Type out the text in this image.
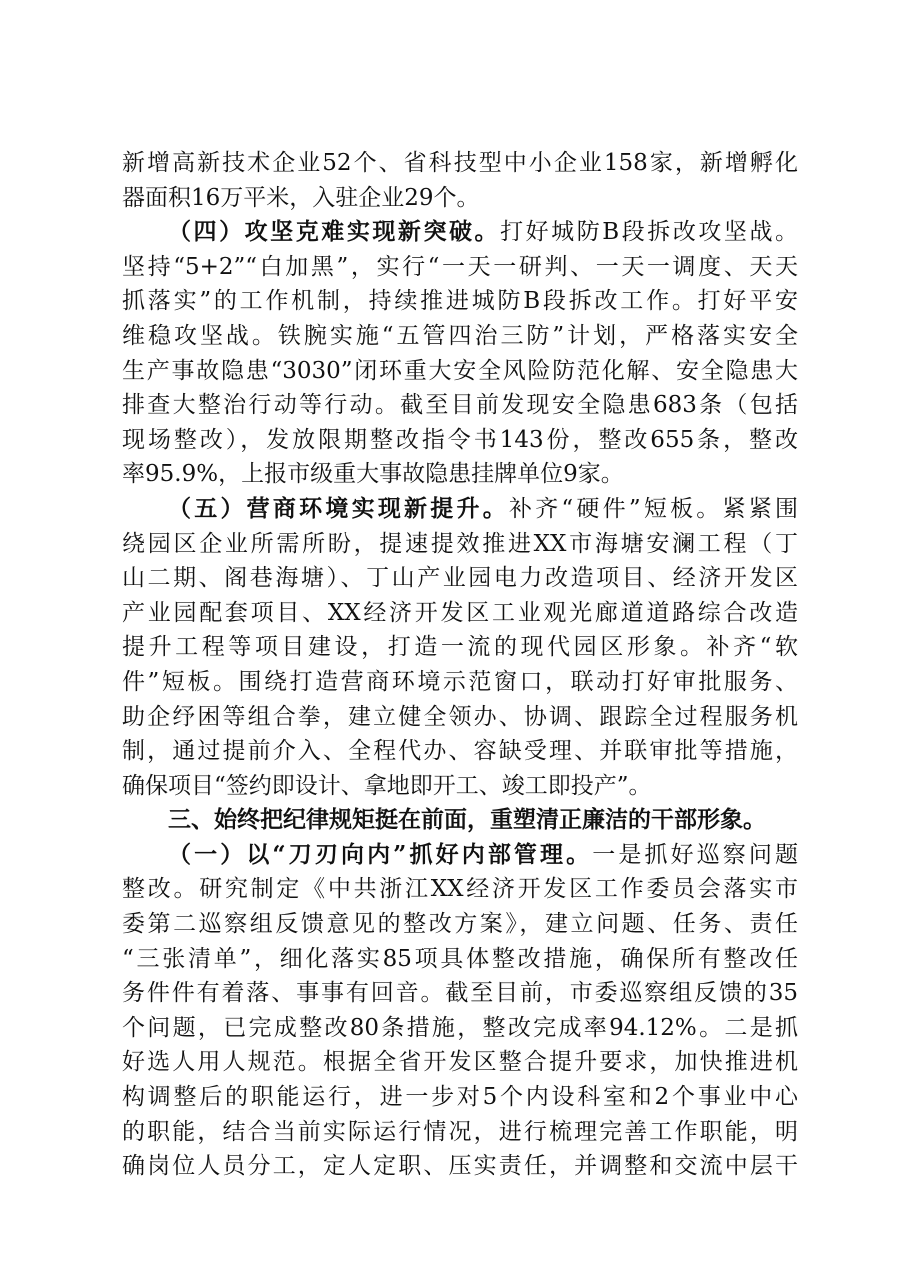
新增高新技术企业52个、省科技型中小企业158家，新增孵化
器面积16万平米，入驻企业29个。
（四）攻坚克难实现新突破。打好城防B段拆改攻坚战。
坚持“5+2”“白加黑”，实行“一天一研判、一天一调度、天天
抓落实”的工作机制，持续推进城防B段拆改工作。打好平安
维稳攻坚战。铁腕实施“五管四治三防”计划，严格落实安全
生产事故隐患“3030”闭环重大安全风险防范化解、安全隐患大
排查大整治行动等行动。截至目前发现安全隐患683条（包括
现场整改），发放限期整改指令书143份，整改655条，整改
率95.9%，上报市级重大事故隐患挂牌单位9家。
（五）营商环境实现新提升。补齐“硬件”短板。紧紧围
绕园区企业所需所盼，提速提效推进XX市海塘安澜工程（丁
山二期、阁巷海塘）、丁山产业园电力改造项目、经济开发区
产业园配套项目、XX经济开发区工业观光廊道道路综合改造
提升工程等项目建设，打造一流的现代园区形象。补齐“软
件”短板。围绕打造营商环境示范窗口，联动打好审批服务、
助企纾困等组合拳，建立健全领办、协调、跟踪全过程服务机
制，通过提前介入、全程代办、容缺受理、并联审批等措施，
确保项目“签约即设计、拿地即开工、竣工即投产”。
三、始终把纪律规矩挺在前面，重塑清正廉洁的干部形象。
（一）以“刀刃向内”抓好内部管理。一是抓好巡察问题
整改。研究制定《中共浙江XX经济开发区工作委员会落实市
委第二巡察组反馈意见的整改方案》，建立问题、任务、责任
“三张清单”，细化落实85项具体整改措施，确保所有整改任
务件件有着落、事事有回音。截至目前，市委巡察组反馈的35
个问题，已完成整改80条措施，整改完成率94.12%。二是抓
好选人用人规范。根据全省开发区整合提升要求，加快推进机
构调整后的职能运行，进一步对5个内设科室和2个事业中心
的职能，结合当前实际运行情况，进行梳理完善工作职能，明
确岗位人员分工，定人定职、压实责任，并调整和交流中层干
